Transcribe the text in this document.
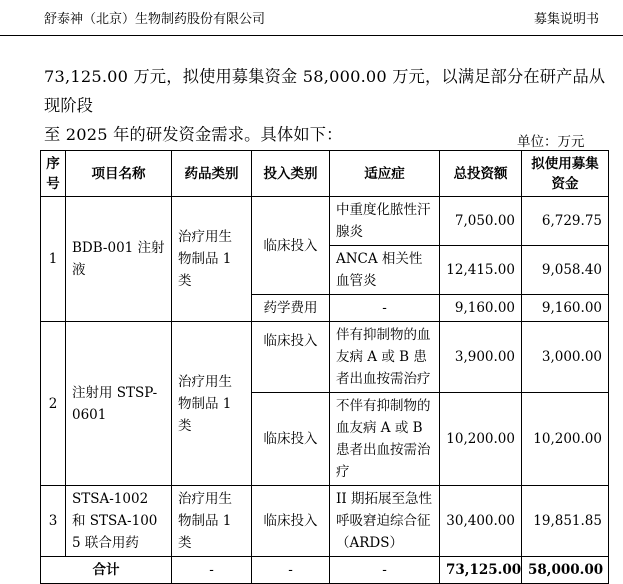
舒泰神（北京）生物制药股份有限公司	募集说明书
73,125.00 万元，拟使用募集资金 58,000.00 万元，以满足部分在研产品从现阶段
至 2025 年的研发资金需求。具体如下：	单位：万元
序号	项目名称	药品类别	投入类别	适应症	总投资额	拟使用募集资金
1	BDB-001 注射液	治疗用生物制品 1 类	临床投入	中重度化脓性汗腺炎	7,050.00	6,729.75
				ANCA 相关性血管炎	12,415.00	9,058.40
			药学费用	-	9,160.00	9,160.00
2	注射用 STSP-0601	治疗用生物制品 1 类	临床投入	伴有抑制物的血友病 A 或 B 患者出血按需治疗	3,900.00	3,000.00
			临床投入	不伴有抑制物的血友病 A 或 B 患者出血按需治疗	10,200.00	10,200.00
3	STSA-1002 和 STSA-1005 联合用药	治疗用生物制品 1 类	临床投入	II 期拓展至急性呼吸窘迫综合征（ARDS）	30,400.00	19,851.85
合计		-	-	-	73,125.00	58,000.00
